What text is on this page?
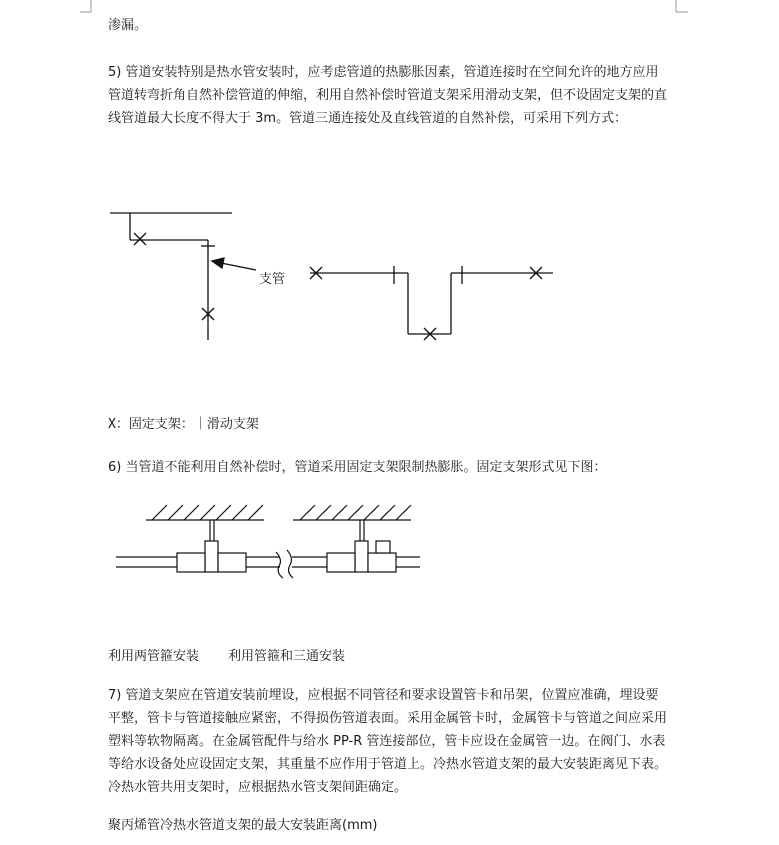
渗漏。

5) 管道安装特别是热水管安装时，应考虑管道的热膨胀因素，管道连接时在空间允许的地方应用管道转弯折角自然补偿管道的伸缩，利用自然补偿时管道支架采用滑动支架，但不设固定支架的直线管道最大长度不得大于 3m。管道三通连接处及直线管道的自然补偿，可采用下列方式：

支管
X：固定支架：｜滑动支架

6) 当管道不能利用自然补偿时，管道采用固定支架限制热膨胀。固定支架形式见下图：

利用两管箍安装 利用管箍和三通安装

7) 管道支架应在管道安装前埋设，应根据不同管径和要求设置管卡和吊架，位置应准确，埋设要平整，管卡与管道接触应紧密，不得损伤管道表面。采用金属管卡时，金属管卡与管道之间应采用塑料等软物隔离。在金属管配件与给水 PP-R 管连接部位，管卡应设在金属管一边。在阀门、水表等给水设备处应设固定支架，其重量不应作用于管道上。冷热水管道支架的最大安装距离见下表。冷热水管共用支架时，应根据热水管支架间距确定。

聚丙烯管冷热水管道支架的最大安装距离(mm)
